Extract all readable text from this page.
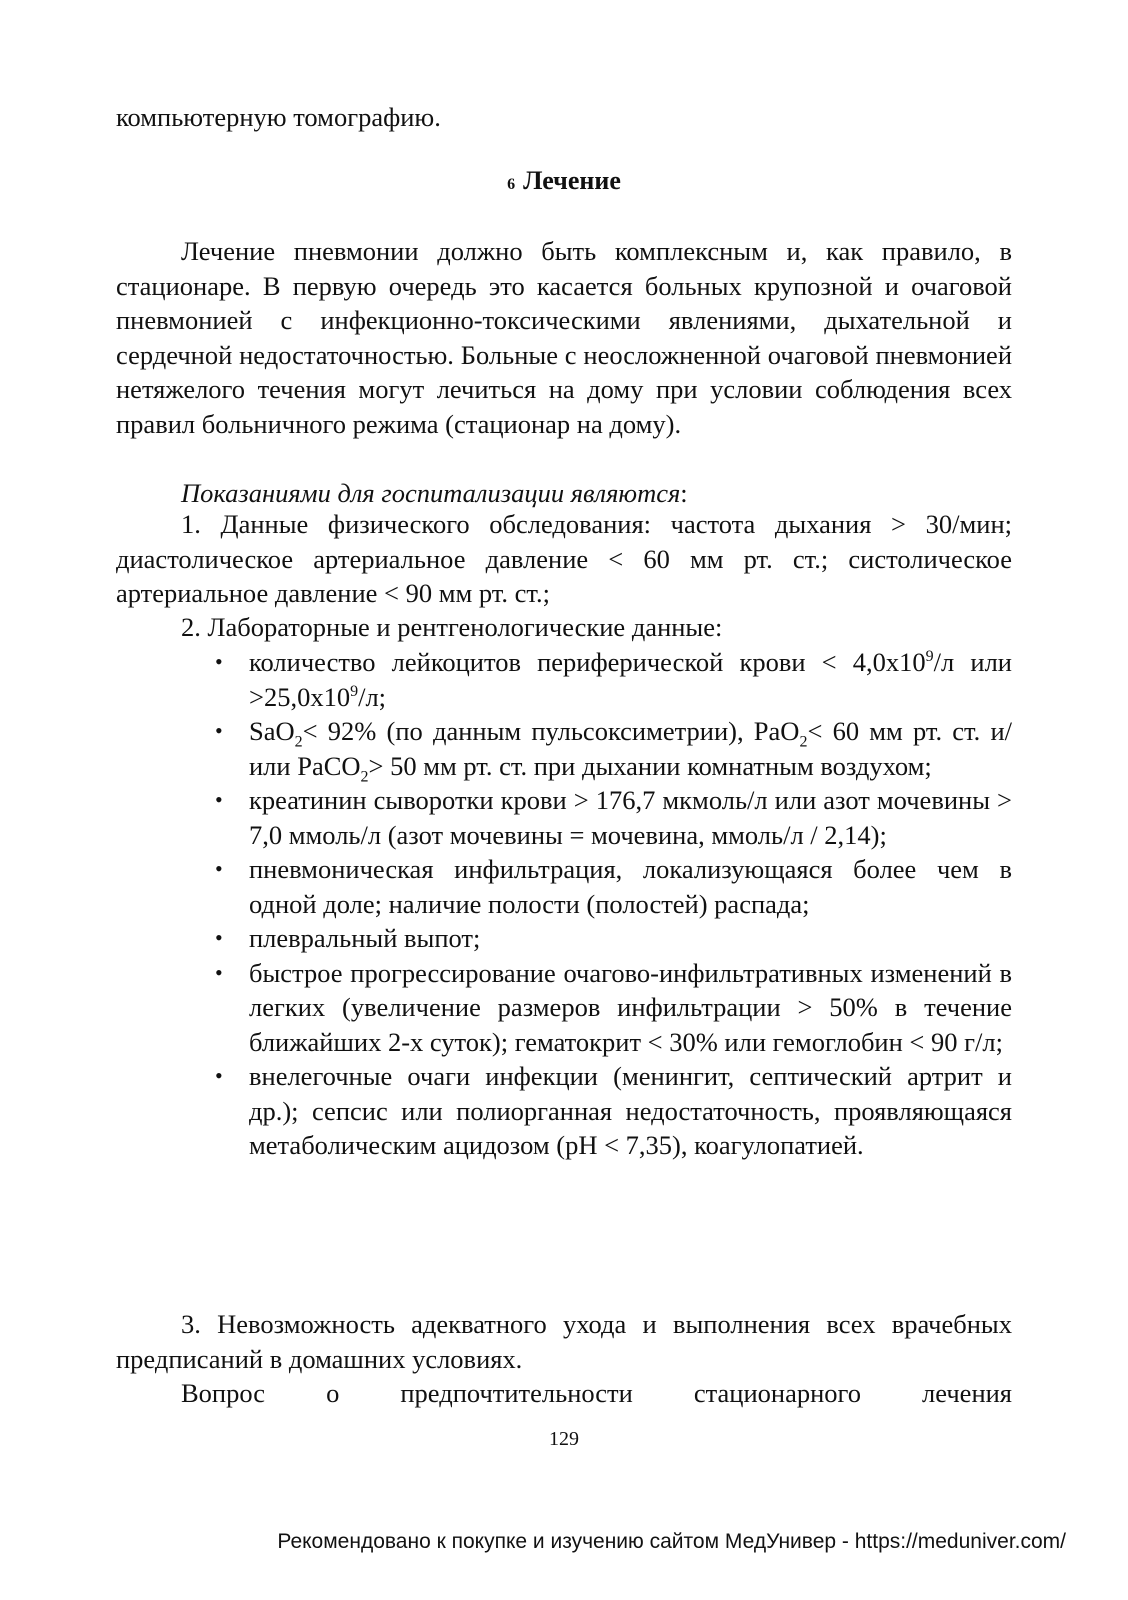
компьютерную томографию.

6 Лечение

Лечение пневмонии должно быть комплексным и, как правило, в стационаре. В первую очередь это касается больных крупозной и очаговой пневмонией с инфекционно-токсическими явлениями, дыхательной и сердечной недостаточностью. Больные с неосложненной очаговой пневмонией нетяжелого течения могут лечиться на дому при условии соблюдения всех правил больничного режима (стационар на дому).

Показаниями для госпитализации являются:

1. Данные физического обследования: частота дыхания > 30/мин; диастолическое артериальное давление < 60 мм рт. ст.; систолическое артериальное давление < 90 мм рт. ст.;

2. Лабораторные и рентгенологические данные:

• количество лейкоцитов периферической крови < $4,0x10^9/л$ или $>25,0x10^9/л$;
• SaO$_2$< 92% (по данным пульсоксиметрии), PaO$_2$< 60 мм рт. ст. и/или PaCO$_2$> 50 мм рт. ст. при дыхании комнатным воздухом;
• креатинин сыворотки крови > 176,7 мкмоль/л или азот мочевины > 7,0 ммоль/л (азот мочевины = мочевина, ммоль/л / 2,14);
• пневмоническая инфильтрация, локализующаяся более чем в одной доле; наличие полости (полостей) распада;
• плевральный выпот;
• быстрое прогрессирование очагово-инфильтративных изменений в легких (увеличение размеров инфильтрации > 50% в течение ближайших 2-х суток); гематокрит < 30% или гемоглобин < 90 г/л;
• внелегочные очаги инфекции (менингит, септический артрит и др.); сепсис или полиорганная недостаточность, проявляющаяся метаболическим ацидозом (pH < 7,35), коагулопатией.

3. Невозможность адекватного ухода и выполнения всех врачебных предписаний в домашних условиях.

Вопрос о предпочтительности стационарного лечения

129
Рекомендовано к покупке и изучению сайтом МедУнивер - https://meduniver.com/
